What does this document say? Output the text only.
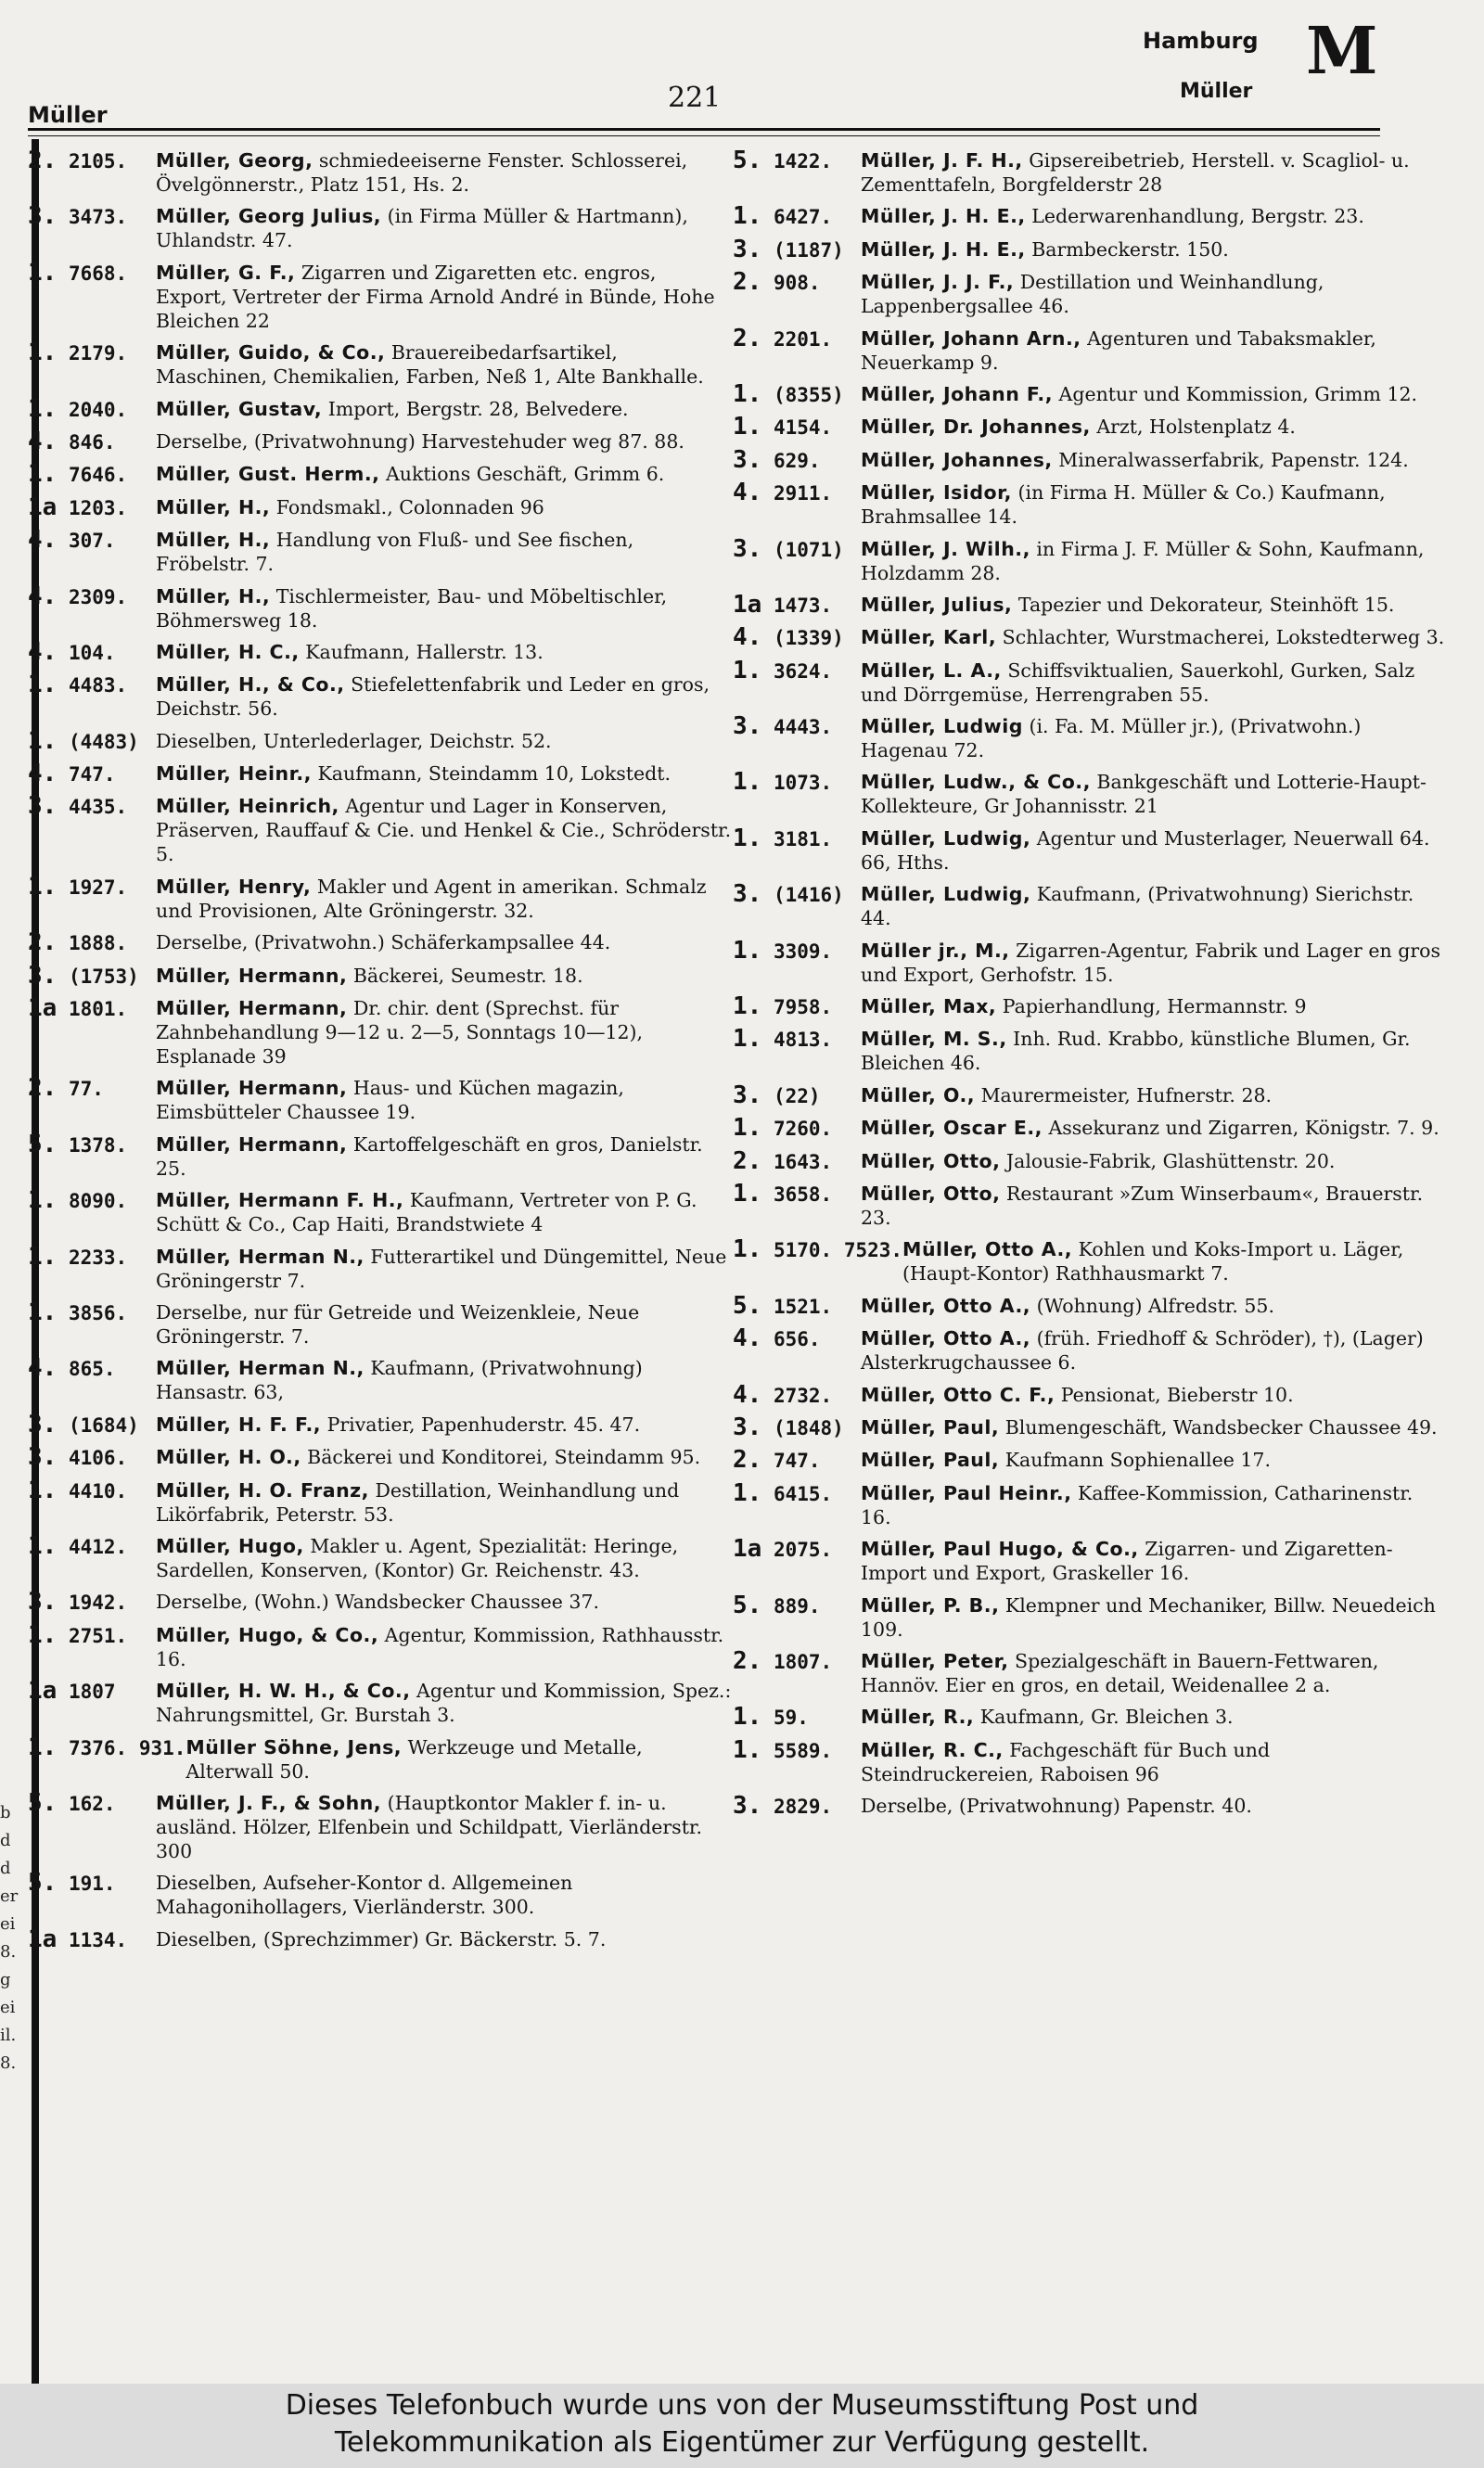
b
d
d
er
ei
8.
g
ei
il.
8.
Müller
221
Hamburg
Müller
M
2. 2105.	Müller, Georg, schmiedeeiserne Fenster. Schlosserei, Övelgönnerstr., Platz 151, Hs. 2.
3. 3473.	Müller, Georg Julius, (in Firma Müller & Hartmann), Uhlandstr. 47.
1. 7668.	Müller, G. F., Zigarren und Zigaretten etc. engros, Export, Vertreter der Firma Arnold André in Bünde, Hohe Bleichen 22
1. 2179.	Müller, Guido, & Co., Brauereibedarfsartikel, Maschinen, Chemikalien, Farben, Neß 1, Alte Bankhalle.
1. 2040.	Müller, Gustav, Import, Bergstr. 28, Belvedere.
4. 846.	Derselbe, (Privatwohnung) Harvestehuder weg 87. 88.
1. 7646.	Müller, Gust. Herm., Auktions Geschäft, Grimm 6.
1a 1203.	Müller, H., Fondsmakl., Colonnaden 96
4. 307.	Müller, H., Handlung von Fluß- und See fischen, Fröbelstr. 7.
4. 2309.	Müller, H., Tischlermeister, Bau- und Möbeltischler, Böhmersweg 18.
4. 104.	Müller, H. C., Kaufmann, Hallerstr. 13.
1. 4483.	Müller, H., & Co., Stiefelettenfabrik und Leder en gros, Deichstr. 56.
1. (4483) Dieselben, Unterlederlager, Deichstr. 52.
4. 747.	Müller, Heinr., Kaufmann, Steindamm 10, Lokstedt.
3. 4435.	Müller, Heinrich, Agentur und Lager in Konserven, Präserven, Rauffauf & Cie. und Henkel & Cie., Schröderstr. 5.
1. 1927.	Müller, Henry, Makler und Agent in amerikan. Schmalz und Provisionen, Alte Gröningerstr. 32.
2. 1888.	Derselbe, (Privatwohn.) Schäferkampsallee 44.
3. (1753) Müller, Hermann, Bäckerei, Seumestr. 18.
1a 1801.	Müller, Hermann, Dr. chir. dent (Sprechst. für Zahnbehandlung 9—12 u. 2—5, Sonntags 10—12), Esplanade 39
2. 77.	Müller, Hermann, Haus- und Küchen magazin, Eimsbütteler Chaussee 19.
5. 1378.	Müller, Hermann, Kartoffelgeschäft en gros, Danielstr. 25.
1. 8090.	Müller, Hermann F. H., Kaufmann, Vertreter von P. G. Schütt & Co., Cap Haiti, Brandstwiete 4
1. 2233.	Müller, Herman N., Futterartikel und Düngemittel, Neue Gröningerstr 7.
1. 3856.	Derselbe, nur für Getreide und Weizenkleie, Neue Gröningerstr. 7.
4. 865.	Müller, Herman N., Kaufmann, (Privatwohnung) Hansastr. 63,
3. (1684) Müller, H. F. F., Privatier, Papenhuderstr. 45. 47.
3. 4106.	Müller, H. O., Bäckerei und Konditorei, Steindamm 95.
1. 4410.	Müller, H. O. Franz, Destillation, Weinhandlung und Likörfabrik, Peterstr. 53.
1. 4412.	Müller, Hugo, Makler u. Agent, Spezialität: Heringe, Sardellen, Konserven, (Kontor) Gr. Reichenstr. 43.
3. 1942.	Derselbe, (Wohn.) Wandsbecker Chaussee 37.
1. 2751.	Müller, Hugo, & Co., Agentur, Kommission, Rathhausstr. 16.
1a 1807	Müller, H. W. H., & Co., Agentur und Kommission, Spez.: Nahrungsmittel, Gr. Burstah 3.
1. 7376. 931. Müller Söhne, Jens, Werkzeuge und Metalle, Alterwall 50.
5. 162.	Müller, J. F., & Sohn, (Hauptkontor Makler f. in- u. ausländ. Hölzer, Elfenbein und Schildpatt, Vierländerstr. 300
5. 191.	Dieselben, Aufseher-Kontor d. Allgemeinen Mahagonihollagers, Vierländerstr. 300.
1a 1134.	Dieselben, (Sprechzimmer) Gr. Bäckerstr. 5. 7.
5. 1422.	Müller, J. F. H., Gipsereibetrieb, Herstell. v. Scagliol- u. Zementtafeln, Borgfelderstr 28
1. 6427.	Müller, J. H. E., Lederwarenhandlung, Bergstr. 23.
3. (1187) Müller, J. H. E., Barmbeckerstr. 150.
2. 908.	Müller, J. J. F., Destillation und Weinhandlung, Lappenbergsallee 46.
2. 2201.	Müller, Johann Arn., Agenturen und Tabaksmakler, Neuerkamp 9.
1. (8355) Müller, Johann F., Agentur und Kommission, Grimm 12.
1. 4154.	Müller, Dr. Johannes, Arzt, Holstenplatz 4.
3. 629.	Müller, Johannes, Mineralwasserfabrik, Papenstr. 124.
4. 2911.	Müller, Isidor, (in Firma H. Müller & Co.) Kaufmann, Brahmsallee 14.
3. (1071) Müller, J. Wilh., in Firma J. F. Müller & Sohn, Kaufmann, Holzdamm 28.
1a 1473.	Müller, Julius, Tapezier und Dekorateur, Steinhöft 15.
4. (1339) Müller, Karl, Schlachter, Wurstmacherei, Lokstedterweg 3.
1. 3624.	Müller, L. A., Schiffsviktualien, Sauerkohl, Gurken, Salz und Dörrgemüse, Herrengraben 55.
3. 4443.	Müller, Ludwig (i. Fa. M. Müller jr.), (Privatwohn.) Hagenau 72.
1. 1073.	Müller, Ludw., & Co., Bankgeschäft und Lotterie-Haupt-Kollekteure, Gr Johannisstr. 21
1. 3181.	Müller, Ludwig, Agentur und Musterlager, Neuerwall 64. 66, Hths.
3. (1416) Müller, Ludwig, Kaufmann, (Privatwohnung) Sierichstr. 44.
1. 3309.	Müller jr., M., Zigarren-Agentur, Fabrik und Lager en gros und Export, Gerhofstr. 15.
1. 7958.	Müller, Max, Papierhandlung, Hermannstr. 9
1. 4813.	Müller, M. S., Inh. Rud. Krabbo, künstliche Blumen, Gr. Bleichen 46.
3. (22)	Müller, O., Maurermeister, Hufnerstr. 28.
1. 7260.	Müller, Oscar E., Assekuranz und Zigarren, Königstr. 7. 9.
2. 1643.	Müller, Otto, Jalousie-Fabrik, Glashüttenstr. 20.
1. 3658.	Müller, Otto, Restaurant »Zum Winserbaum«, Brauerstr. 23.
1. 5170. 7523. Müller, Otto A., Kohlen und Koks-Import u. Läger, (Haupt-Kontor) Rathhausmarkt 7.
5. 1521.	Müller, Otto A., (Wohnung) Alfredstr. 55.
4. 656.	Müller, Otto A., (früh. Friedhoff & Schröder), †), (Lager) Alsterkrugchaussee 6.
4. 2732.	Müller, Otto C. F., Pensionat, Bieberstr 10.
3. (1848) Müller, Paul, Blumengeschäft, Wandsbecker Chaussee 49.
2. 747.	Müller, Paul, Kaufmann Sophienallee 17.
1. 6415.	Müller, Paul Heinr., Kaffee-Kommission, Catharinenstr. 16.
1a 2075.	Müller, Paul Hugo, & Co., Zigarren- und Zigaretten-Import und Export, Graskeller 16.
5. 889.	Müller, P. B., Klempner und Mechaniker, Billw. Neuedeich 109.
2. 1807.	Müller, Peter, Spezialgeschäft in Bauern-Fettwaren, Hannöv. Eier en gros, en detail, Weidenallee 2 a.
1. 59.	Müller, R., Kaufmann, Gr. Bleichen 3.
1. 5589.	Müller, R. C., Fachgeschäft für Buch und Steindruckereien, Raboisen 96
3. 2829.	Derselbe, (Privatwohnung) Papenstr. 40.
Dieses Telefonbuch wurde uns von der Museumsstiftung Post und
Telekommunikation als Eigentümer zur Verfügung gestellt.
